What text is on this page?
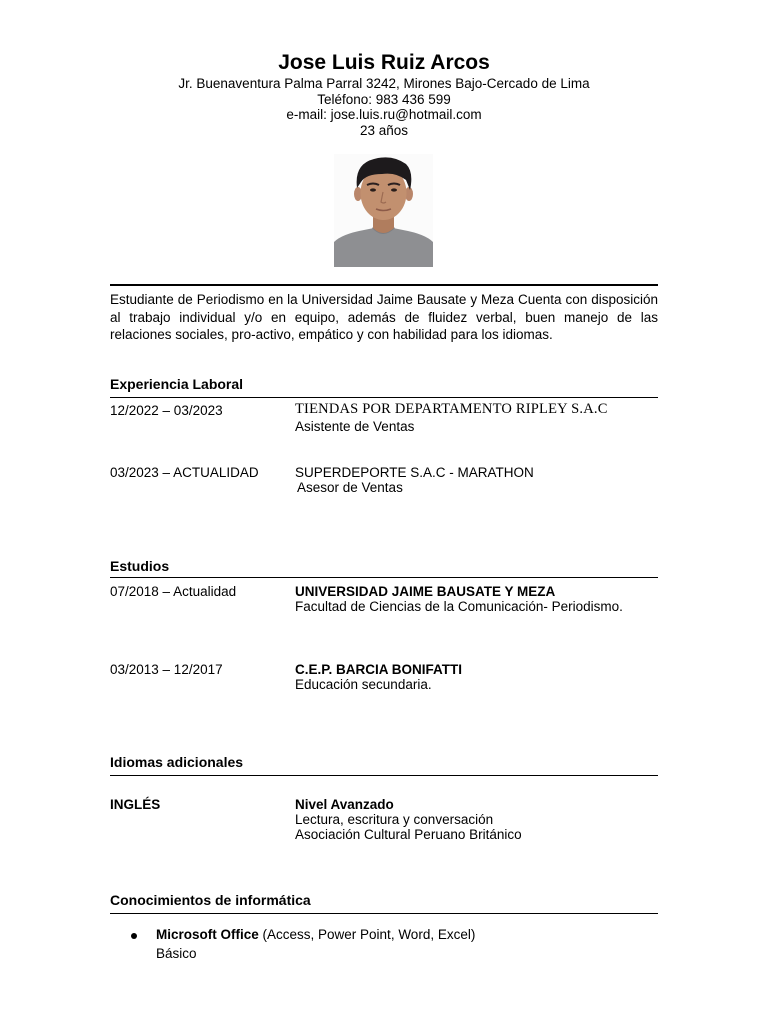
Jose Luis Ruiz Arcos
Jr. Buenaventura Palma Parral 3242, Mirones Bajo-Cercado de Lima
Teléfono: 983 436 599
e-mail: jose.luis.ru@hotmail.com
23 años
Estudiante de Periodismo en la Universidad Jaime Bausate y Meza Cuenta con disposición al trabajo individual y/o en equipo, además de fluidez verbal, buen manejo de las relaciones sociales, pro-activo, empático y con habilidad para los idiomas.
Experiencia Laboral
12/2022 – 03/2023	TIENDAS POR DEPARTAMENTO RIPLEY S.A.C
Asistente de Ventas
03/2023 – ACTUALIDAD	SUPERDEPORTE S.A.C - MARATHON
Asesor de Ventas
Estudios
07/2018 – Actualidad	UNIVERSIDAD JAIME BAUSATE Y MEZA
Facultad de Ciencias de la Comunicación- Periodismo.
03/2013 – 12/2017	C.E.P. BARCIA BONIFATTI
Educación secundaria.
Idiomas adicionales
INGLÉS	Nivel Avanzado
Lectura, escritura y conversación
Asociación Cultural Peruano Británico
Conocimientos de informática
Microsoft Office (Access, Power Point, Word, Excel)
Básico
